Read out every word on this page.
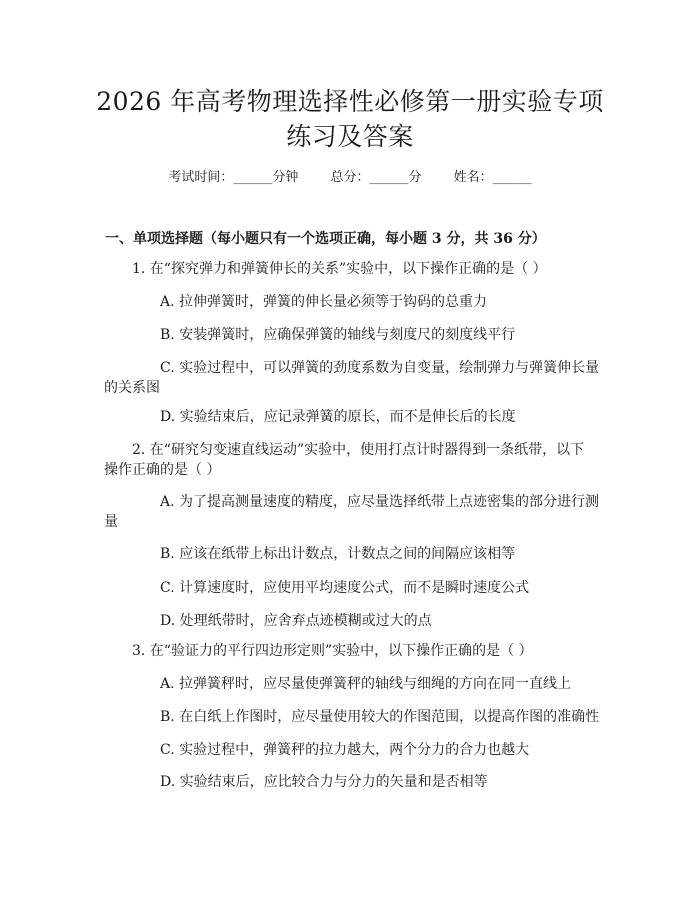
2026 年高考物理选择性必修第一册实验专项
练习及答案
考试时间：______分钟 总分：______分 姓名：______
一、单项选择题（每小题只有一个选项正确，每小题 3 分，共 36 分）
1. 在“探究弹力和弹簧伸长的关系”实验中，以下操作正确的是（ ）
A. 拉伸弹簧时，弹簧的伸长量必须等于钩码的总重力
B. 安装弹簧时，应确保弹簧的轴线与刻度尺的刻度线平行
C. 实验过程中，可以弹簧的劲度系数为自变量，绘制弹力与弹簧伸长量
的关系图
D. 实验结束后，应记录弹簧的原长，而不是伸长后的长度
2. 在“研究匀变速直线运动”实验中，使用打点计时器得到一条纸带，以下
操作正确的是（ ）
A. 为了提高测量速度的精度，应尽量选择纸带上点迹密集的部分进行测
量
B. 应该在纸带上标出计数点，计数点之间的间隔应该相等
C. 计算速度时，应使用平均速度公式，而不是瞬时速度公式
D. 处理纸带时，应舍弃点迹模糊或过大的点
3. 在“验证力的平行四边形定则”实验中，以下操作正确的是（ ）
A. 拉弹簧秤时，应尽量使弹簧秤的轴线与细绳的方向在同一直线上
B. 在白纸上作图时，应尽量使用较大的作图范围，以提高作图的准确性
C. 实验过程中，弹簧秤的拉力越大，两个分力的合力也越大
D. 实验结束后，应比较合力与分力的矢量和是否相等
